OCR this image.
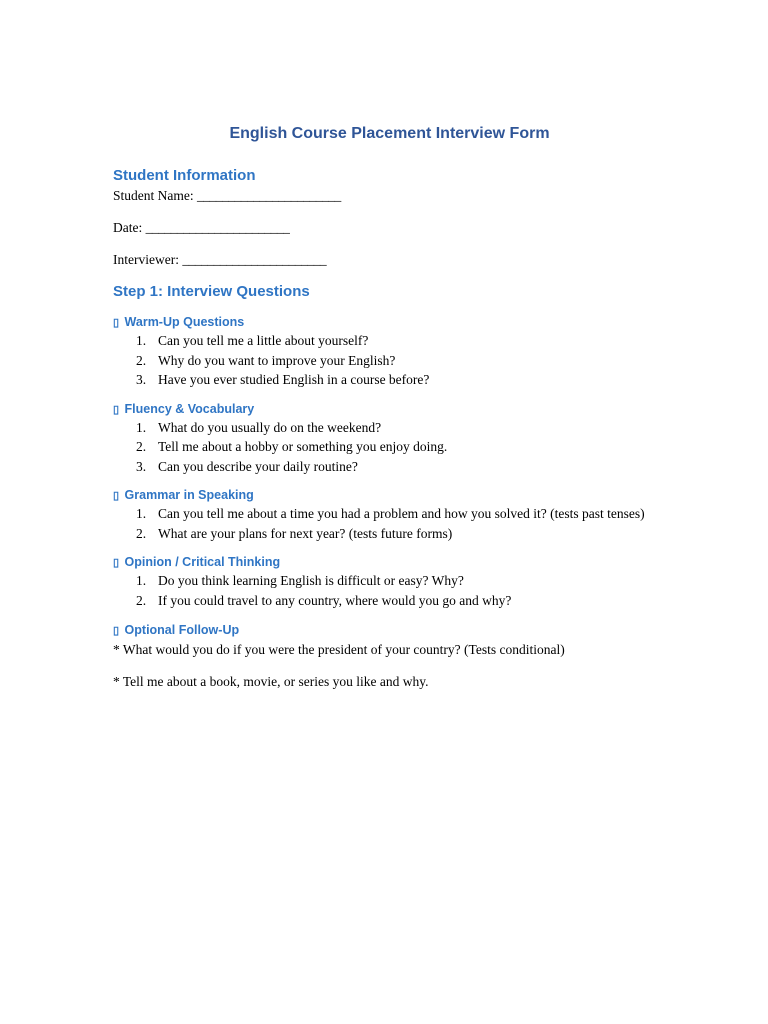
English Course Placement Interview Form
Student Information

Student Name: _______________________

Date: _______________________

Interviewer: _______________________

Step 1: Interview Questions
▯ Warm-Up Questions
1. Can you tell me a little about yourself?
2. Why do you want to improve your English?
3. Have you ever studied English in a course before?
▯ Fluency & Vocabulary
1. What do you usually do on the weekend?
2. Tell me about a hobby or something you enjoy doing.
3. Can you describe your daily routine?
▯ Grammar in Speaking
1. Can you tell me about a time you had a problem and how you solved it? (tests past tenses)
2. What are your plans for next year? (tests future forms)
▯ Opinion / Critical Thinking
1. Do you think learning English is difficult or easy? Why?
2. If you could travel to any country, where would you go and why?
▯ Optional Follow-Up

* What would you do if you were the president of your country? (Tests conditional)

* Tell me about a book, movie, or series you like and why.
